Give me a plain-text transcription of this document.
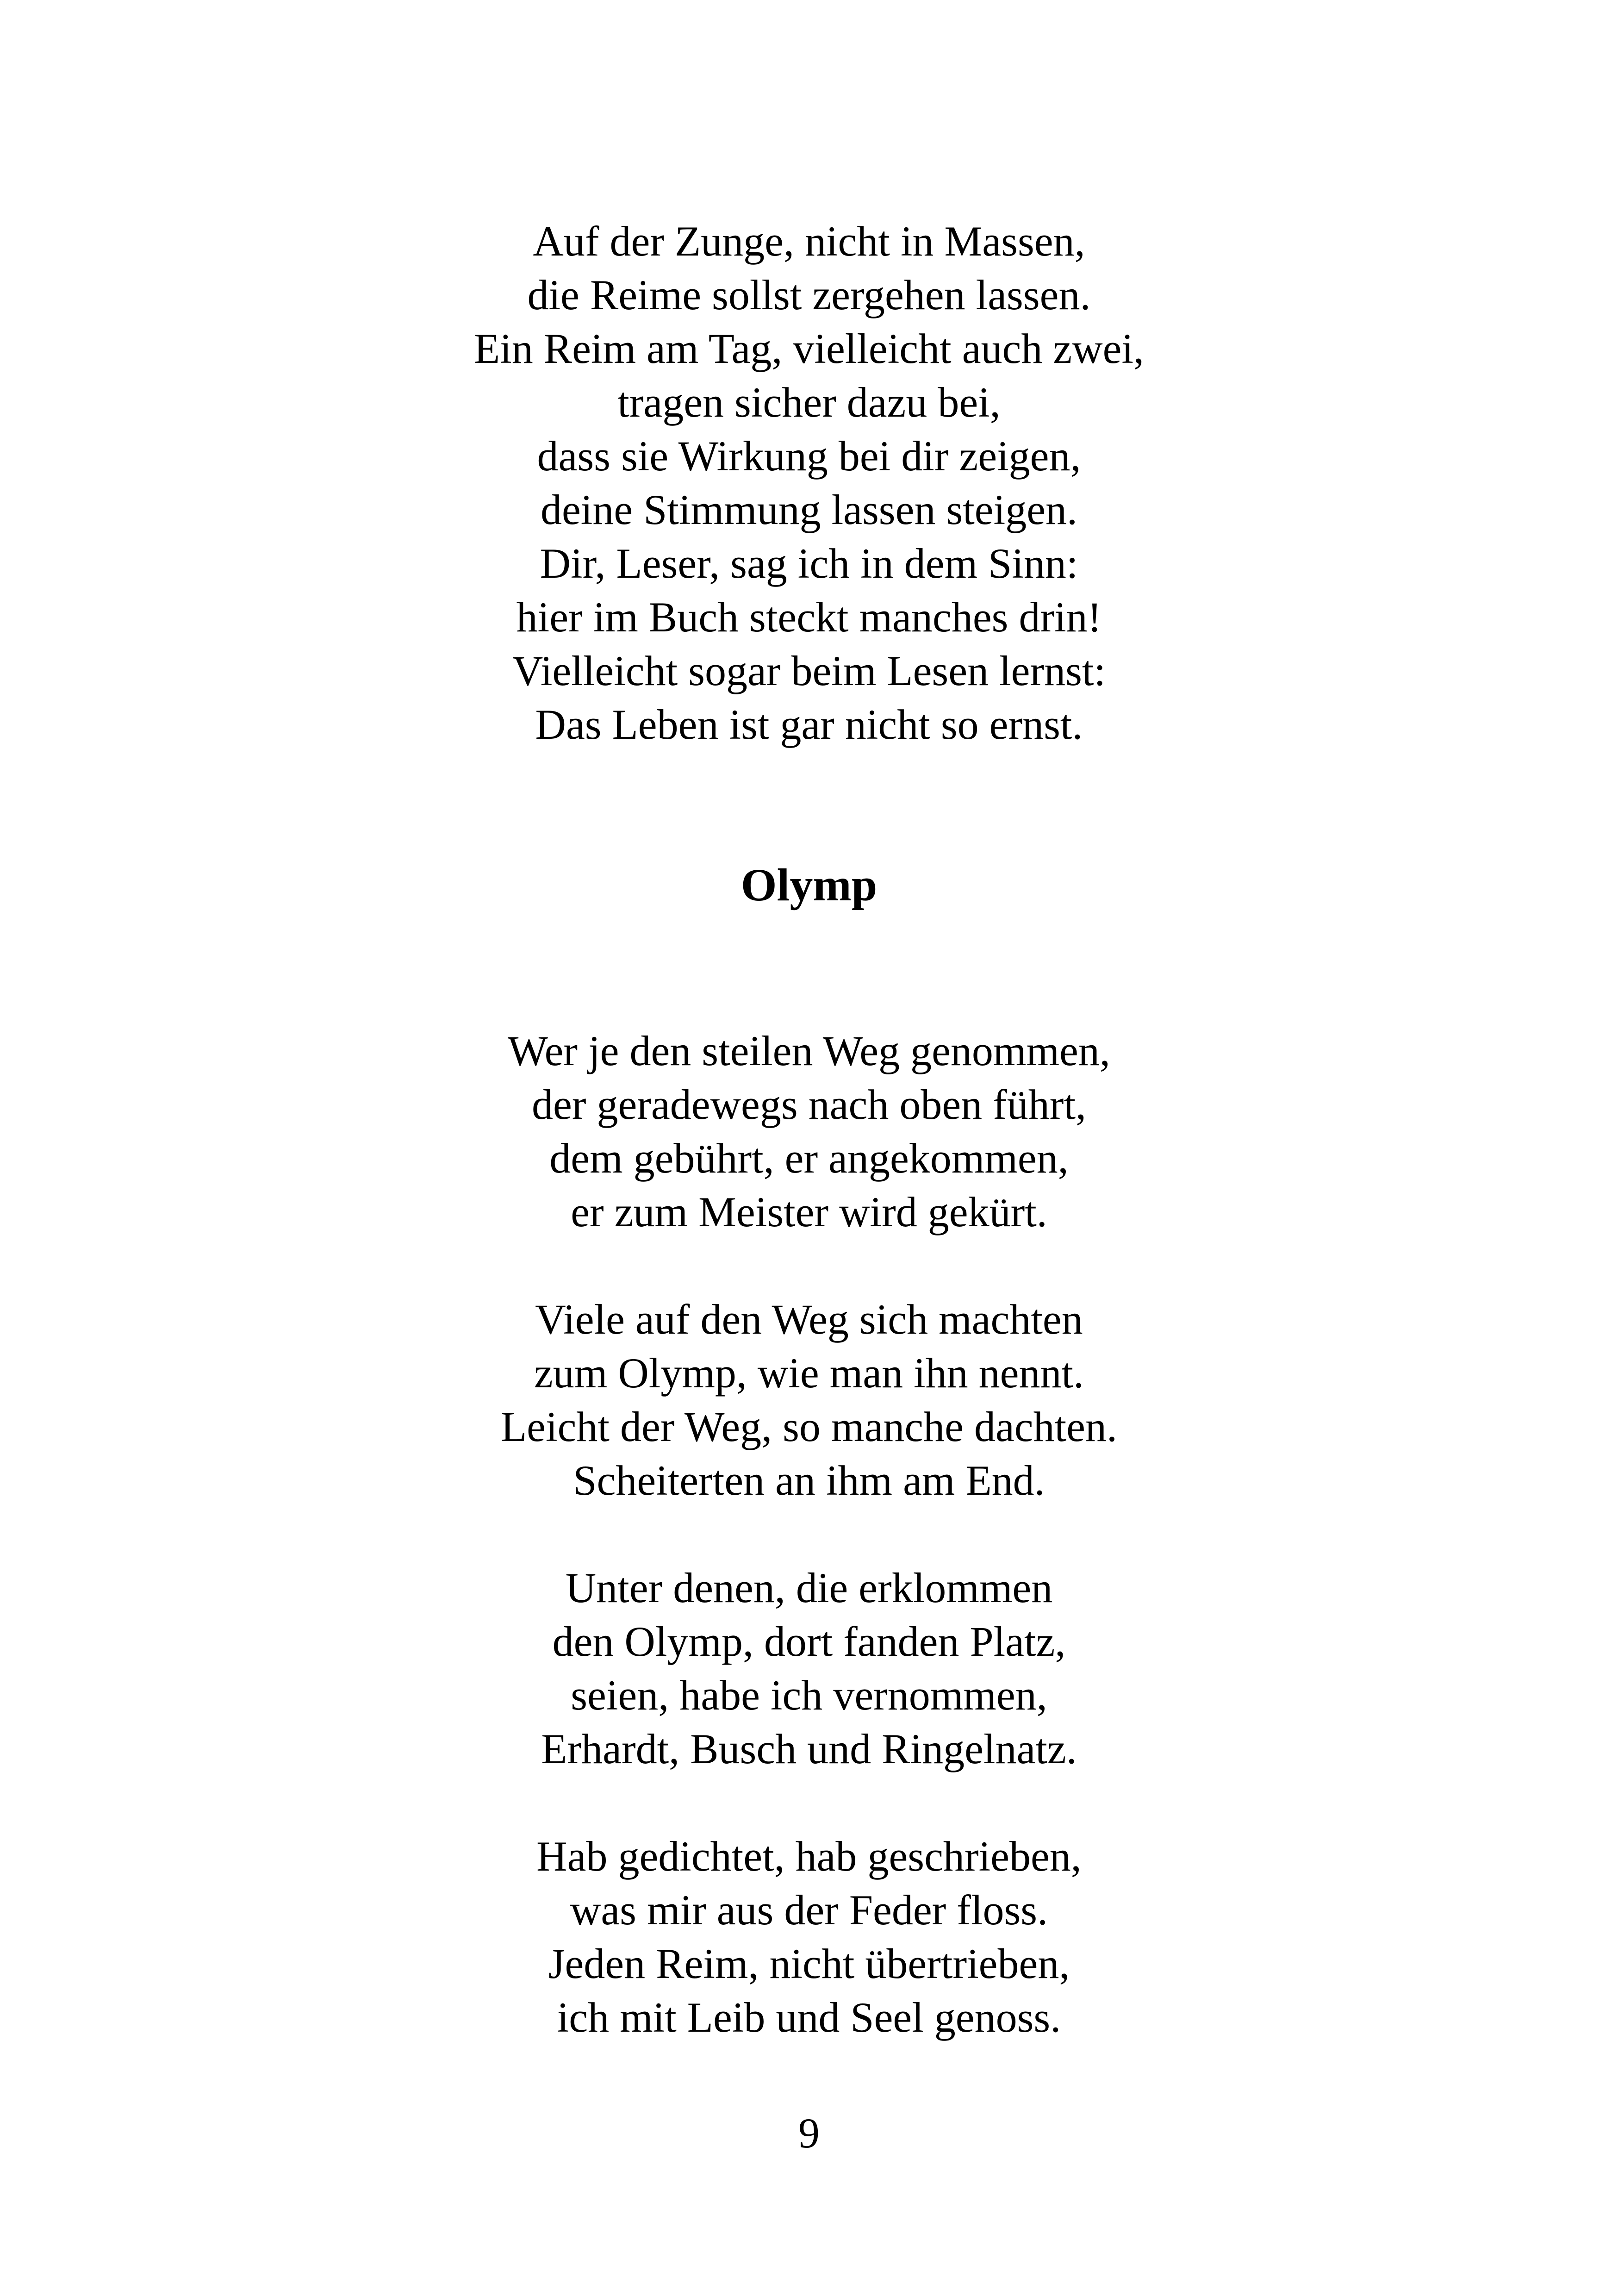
Auf der Zunge, nicht in Massen,
die Reime sollst zergehen lassen.
Ein Reim am Tag, vielleicht auch zwei,
tragen sicher dazu bei,
dass sie Wirkung bei dir zeigen,
deine Stimmung lassen steigen.
Dir, Leser, sag ich in dem Sinn:
hier im Buch steckt manches drin!
Vielleicht sogar beim Lesen lernst:
Das Leben ist gar nicht so ernst.
Olymp
Wer je den steilen Weg genommen,
der geradewegs nach oben führt,
dem gebührt, er angekommen,
er zum Meister wird gekürt.
Viele auf den Weg sich machten
zum Olymp, wie man ihn nennt.
Leicht der Weg, so manche dachten.
Scheiterten an ihm am End.
Unter denen, die erklommen
den Olymp, dort fanden Platz,
seien, habe ich vernommen,
Erhardt, Busch und Ringelnatz.
Hab gedichtet, hab geschrieben,
was mir aus der Feder floss.
Jeden Reim, nicht übertrieben,
ich mit Leib und Seel genoss.
9
